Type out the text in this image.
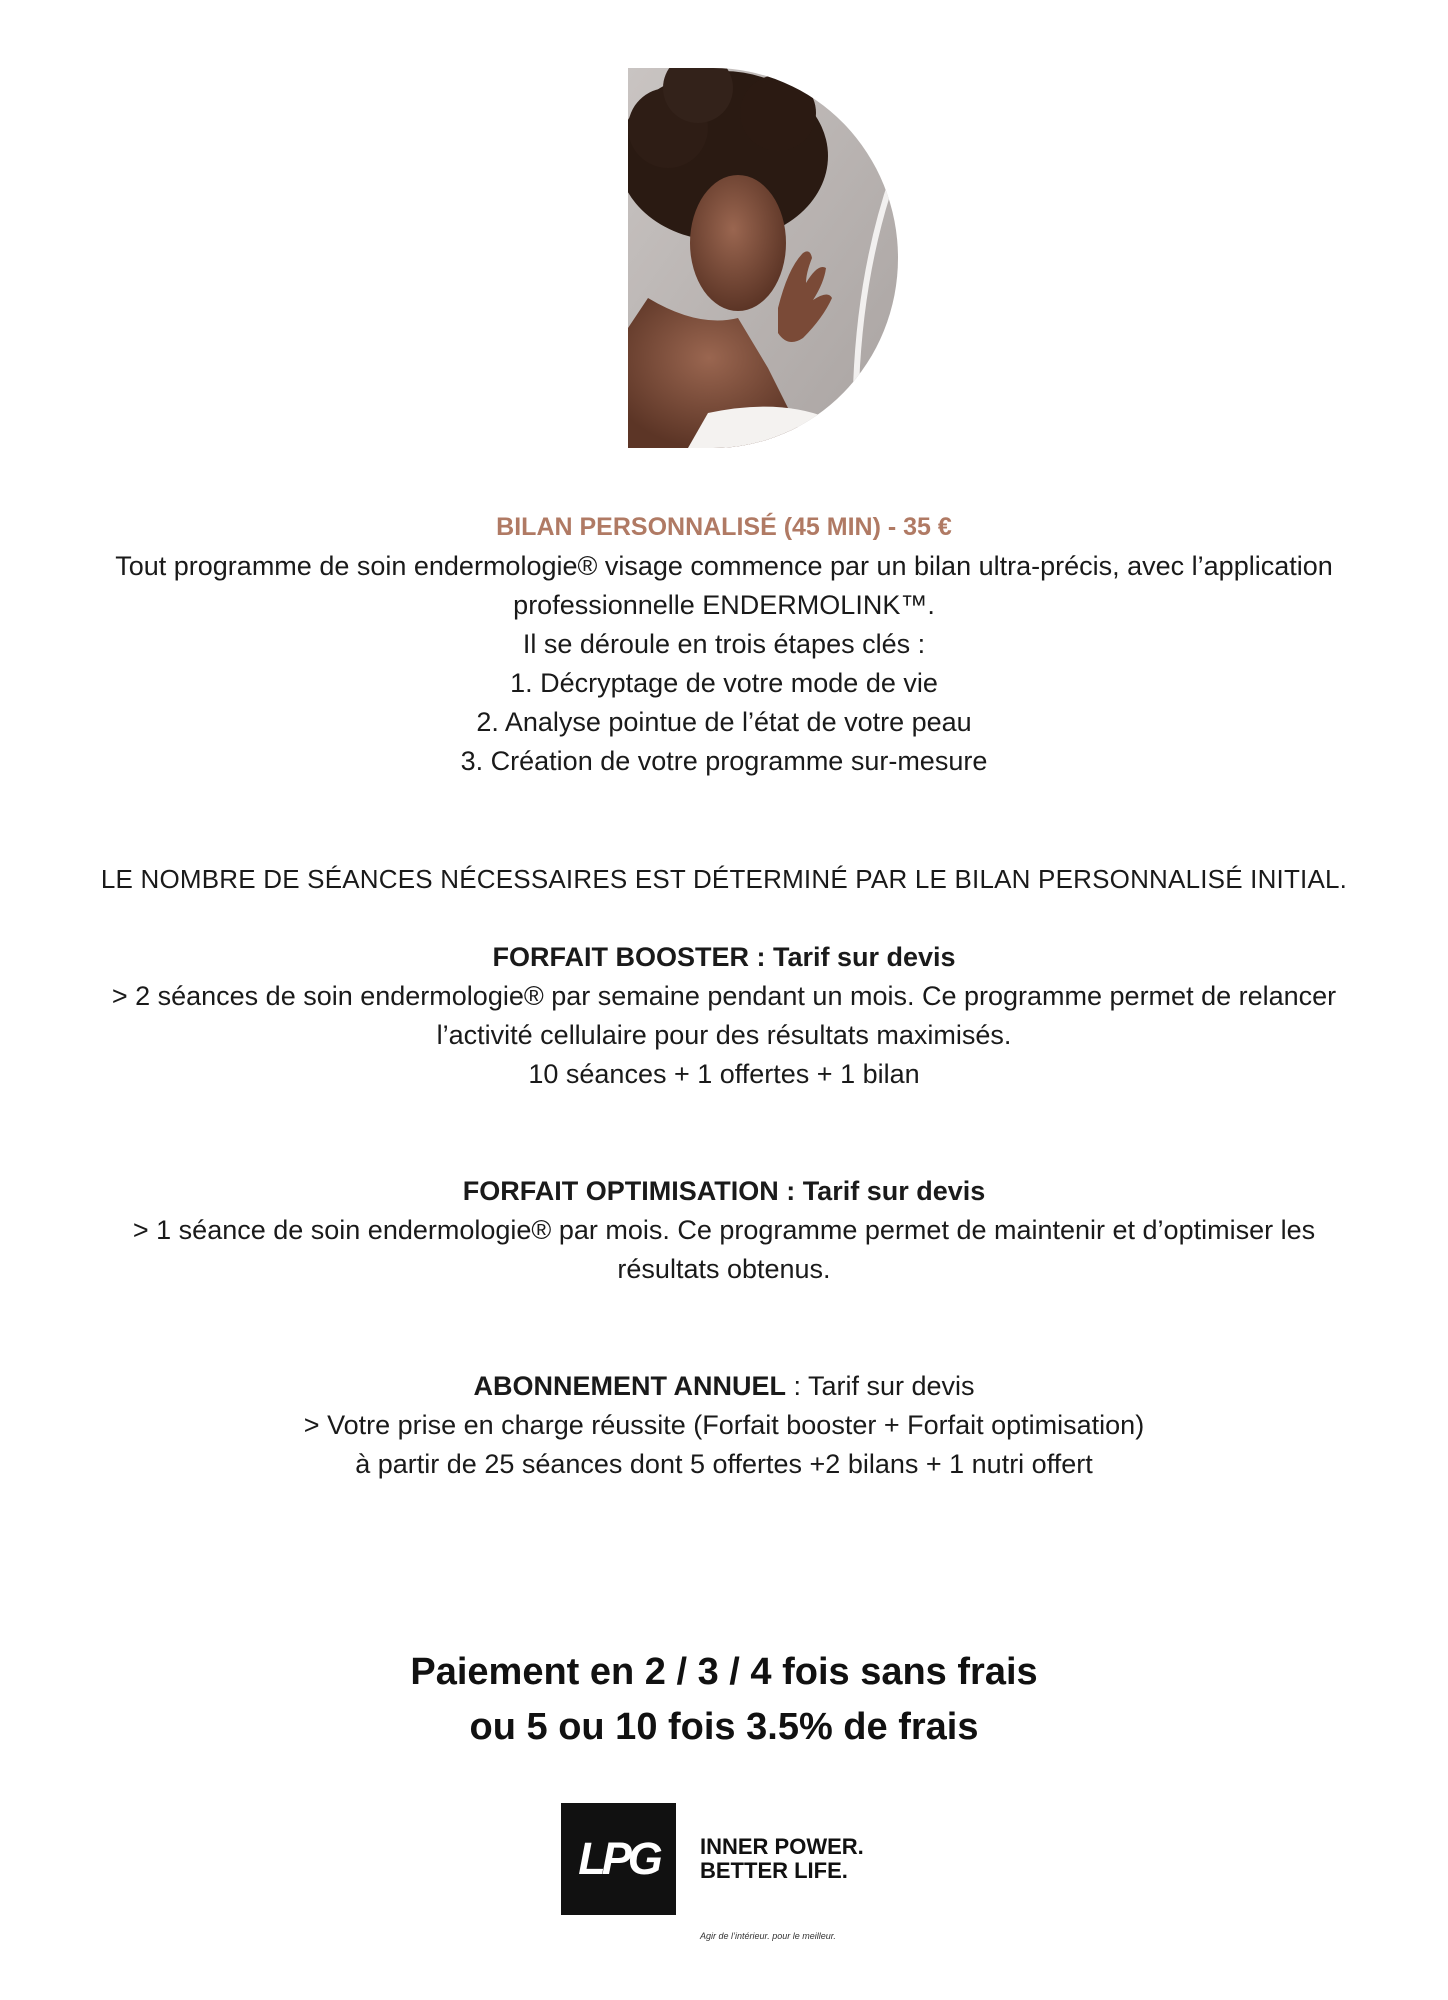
BILAN PERSONNALISÉ (45 MIN) - 35 €
Tout programme de soin endermologie® visage commence par un bilan ultra-précis, avec l’application
professionnelle ENDERMOLINK™.
Il se déroule en trois étapes clés :
1. Décryptage de votre mode de vie
2. Analyse pointue de l’état de votre peau
3. Création de votre programme sur-mesure
LE NOMBRE DE SÉANCES NÉCESSAIRES EST DÉTERMINÉ PAR LE BILAN PERSONNALISÉ INITIAL.
FORFAIT BOOSTER : Tarif sur devis
> 2 séances de soin endermologie® par semaine pendant un mois. Ce programme permet de relancer
l’activité cellulaire pour des résultats maximisés.
10 séances + 1 offertes + 1 bilan
FORFAIT OPTIMISATION : Tarif sur devis
> 1 séance de soin endermologie® par mois. Ce programme permet de maintenir et d’optimiser les
résultats obtenus.
ABONNEMENT ANNUEL : Tarif sur devis
> Votre prise en charge réussite (Forfait booster + Forfait optimisation)
à partir de 25 séances dont 5 offertes +2 bilans + 1 nutri offert
Paiement en 2 / 3 / 4 fois sans frais
ou 5 ou 10 fois 3.5% de frais
LPG INNER POWER.
BETTER LIFE.
Agir de l’intérieur. pour le meilleur.
